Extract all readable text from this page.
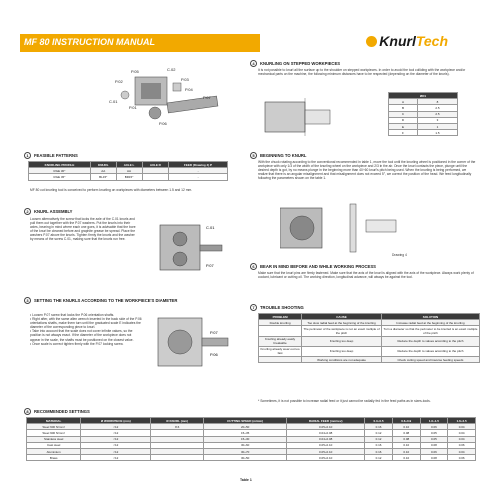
MF 80 INSTRUCTION MANUAL	KnurlTech
P.05	C.02
P.03
P.04
P.02
C.01
P.01
P.06
P.07
1 FEASIBLE PATTERNS
KNURLING PROFILE	KNURL	AXLE L	AXLE R	FEED (Drawing 4) P
RGE 30°	AA	AA		-
RGE 45°	BL15°	BR15°		-
MF 80 cut knurling tool is conceived to perform knurling on workpieces with diameters between 1.5 and 12 mm.
2 KNURL ASSEMBLY
Loosen alternatively the screw that locks the axle of the C.01 knurls and pull them out together with the P.07 washers. Put the knurls into their axles, bearing in mind where each one goes, it is advisable that the bore of the knurl be cleaned before and graphite grease be spread. Place the washers P.07 above the knurls. Tighten firmly the knurls and the washer by means of the screw C.01, making sure that the knurls run free.
C.01
P.07
3 SETTING THE KNURLS ACCORDING TO THE WORKPIECE'S DIAMETER
• Loosen P.07 screw that locks the P.06 orientation shafts.
• Right after, with the same allen wrench inserted in the back side of the P.06 orientations shafts, make them turn until the graduated scale E indicates the diameter of the corresponding piece to knurl.
• Take into account that the scale does not cover infinite values, so the position is not always exact. If the diameter of the workpiece does not appear in the scale, the shafts must be positioned on the closest value.
• Once scale is correct tighten firmly with the P.07 locking screw.
P.07
P.06
4 KNURLING ON STEPPED WORKPIECES
It is not possible to knurl all the surface up to the shoulder on stepped workpieces. In order to avoid the tool colliding with the workpiece and/or mechanical parts on the machine, the following minimum distances have to be respected (depending on the diameter of the knurls).
ØD1	
A	8
B	2.5
C	2.5
D	3
E	1
F	1.5
5 BEGINNING TO KNURL
With the chuck rotating according to the conventional recommended in table 1, move the tool until the knurling wheel is positioned in the corner of the workpiece with only 1/3 of the width of the knurling wheel on the workpiece and 2/3 in the air. Once the knurl contacts the piece, plunge until the desired depth is got, by no means plunge in the beginning more than 40÷60 knurl's pitch being used. When the knurling is being performed, we realize that there is an angular misalignment and that misalignment does not exceed 5°, we correct the position of the head. We feed longitudinally following the parameters shown on the table 1.
Drawing 4
6 BEAR IN MIND BEFORE AND WHILE WORKING PROCESS
Make sure that the knurl pins are firmly fastened. Make sure that the axis of the knurl is aligned with the axis of the workpiece. Always work plenty of coolant, lubricant or cutting oil. The working direction, longitudinal advance, will always be against the tool.
7 TROUBLE SHOOTING
PROBLEM	CAUSE	SOLUTION
Double knurling	Too slow radial feed at the beginning of the knurling	Increase radial feed at the beginning of the knurling
	The perimeter of the workpiece is not an exact multiple of the pitch	Turn a diameter so that the perimeter to be knurled is an exact multiple of the pitch
Knurling already easily breakable	Knurling too deep	Reduce the depth to values according to the pitch
Knurling already wear out too fast	Knurling too deep	Reduce the depth to values according to the pitch
	Working conditions are not adequate	Check cutting speed and traverse feeding speeds
* Sometimes, it is not possible to increase radial feed or it just cannot be radially fed in the feed paths as in sizes-tools.
8 RECOMMENDED SETTINGS
MATERIAL	Ø WORKPIECE (mm)	Ø KNURL (mm)	CUTTING SPEED (m/min)	RADIAL FEED (mm/rev)	0.3÷0.5	0.6÷0.9	1.0÷1.5	1.6÷2.5
Steel 600 N/mm²	<12	8.6	20÷50	0.05÷0.10	0.16	0.10	0.06	0.04
Steel 900 N/mm²	<12		15÷35	0.04÷0.08	0.12	0.08	0.05	0.04
Stainless steel	<12		15÷30	0.04÷0.08	0.12	0.08	0.05	0.04
Cast steel	<12		30÷60	0.05÷0.10	0.16	0.10	0.08	0.06
Aluminium	<12		30÷70	0.05÷0.10	0.16	0.10	0.06	0.04
Brass	<12		30÷50	0.05÷0.10	0.12	0.10	0.08	0.06
Table 1
